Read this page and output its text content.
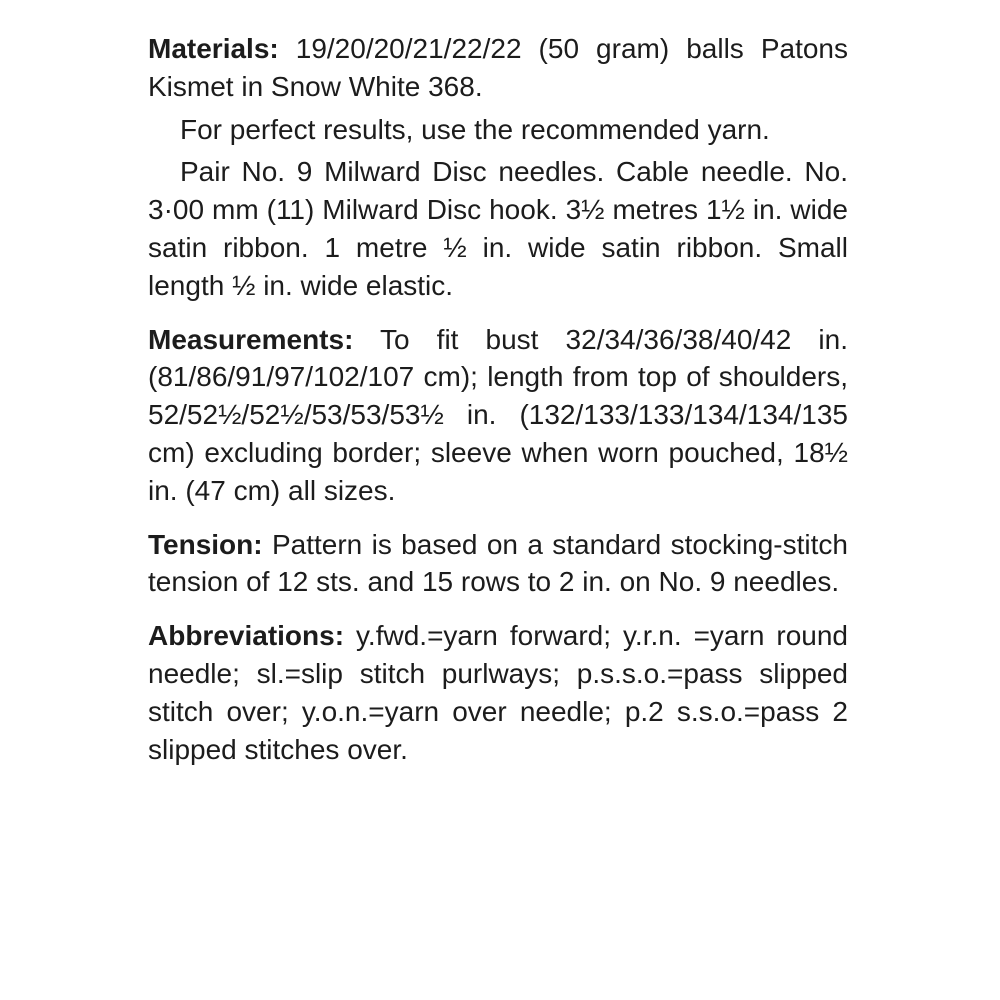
Materials: 19/20/20/21/22/22 (50 gram) balls Patons Kismet in Snow White 368.

For perfect results, use the recommended yarn.

Pair No. 9 Milward Disc needles. Cable needle. No. 3·00 mm (11) Milward Disc hook. 3½ metres 1½ in. wide satin ribbon. 1 metre ½ in. wide satin ribbon. Small length ½ in. wide elastic.

Measurements: To fit bust 32/34/36/38/40/42 in. (81/86/91/97/102/107 cm); length from top of shoulders, 52/52½/52½/53/53/53½ in. (132/133/133/134/134/135 cm) excluding border; sleeve when worn pouched, 18½ in. (47 cm) all sizes.

Tension: Pattern is based on a standard stocking-stitch tension of 12 sts. and 15 rows to 2 in. on No. 9 needles.

Abbreviations: y.fwd.=yarn forward; y.r.n. =yarn round needle; sl.=slip stitch purlways; p.s.s.o.=pass slipped stitch over; y.o.n.=yarn over needle; p.2 s.s.o.=pass 2 slipped stitches over.
